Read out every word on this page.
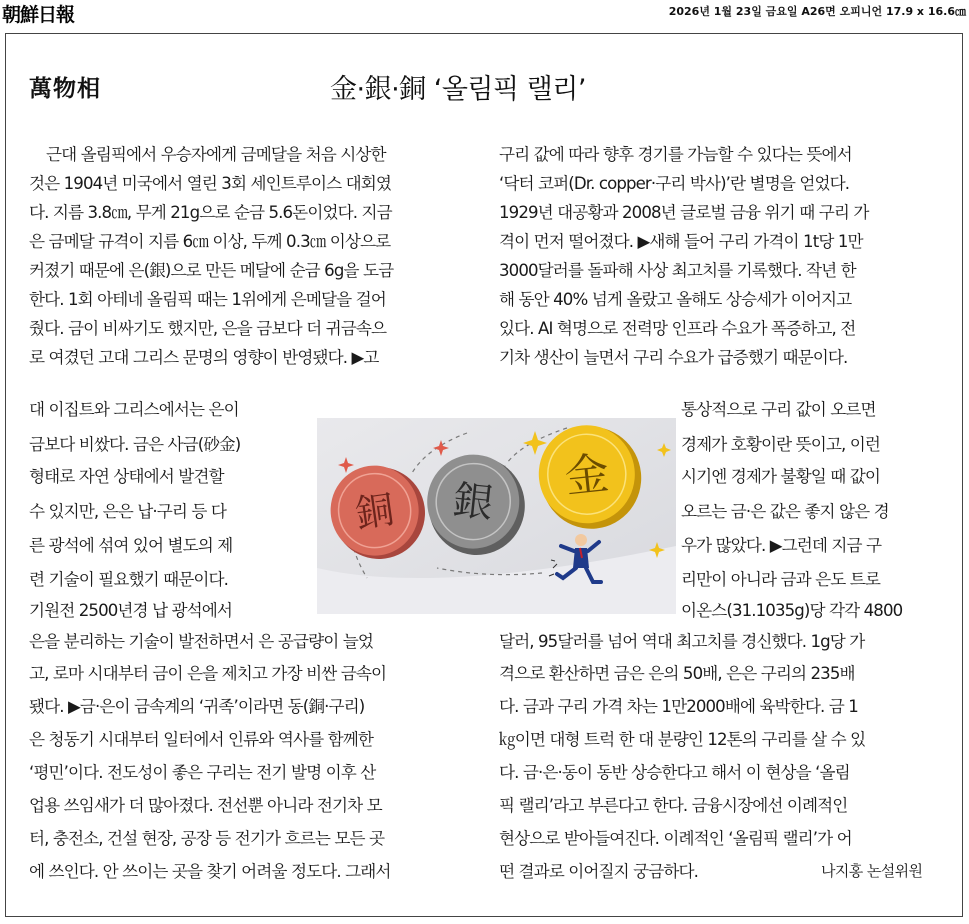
朝鮮日報	2026년 1월 23일 금요일 A26면 오피니언 17.9 x 16.6㎝
萬物相	金·銀·銅 ‘올림픽 랠리’
銅 銀 金

근대 올림픽에서 우승자에게 금메달을 처음 시상한

것은 1904년 미국에서 열린 3회 세인트루이스 대회였

다. 지름 3.8㎝, 무게 21g으로 순금 5.6돈이었다. 지금

은 금메달 규격이 지름 6㎝ 이상, 두께 0.3㎝ 이상으로

커졌기 때문에 은(銀)으로 만든 메달에 순금 6g을 도금

한다. 1회 아테네 올림픽 때는 1위에게 은메달을 걸어

줬다. 금이 비싸기도 했지만, 은을 금보다 더 귀금속으

로 여겼던 고대 그리스 문명의 영향이 반영됐다. ▶고

대 이집트와 그리스에서는 은이

금보다 비쌌다. 금은 사금(砂金)

형태로 자연 상태에서 발견할

수 있지만, 은은 납·구리 등 다

른 광석에 섞여 있어 별도의 제

련 기술이 필요했기 때문이다.

기원전 2500년경 납 광석에서

은을 분리하는 기술이 발전하면서 은 공급량이 늘었

고, 로마 시대부터 금이 은을 제치고 가장 비싼 금속이

됐다. ▶금·은이 금속계의 ‘귀족’이라면 동(銅·구리)

은 청동기 시대부터 일터에서 인류와 역사를 함께한

‘평민’이다. 전도성이 좋은 구리는 전기 발명 이후 산

업용 쓰임새가 더 많아졌다. 전선뿐 아니라 전기차 모

터, 충전소, 건설 현장, 공장 등 전기가 흐르는 모든 곳

에 쓰인다. 안 쓰이는 곳을 찾기 어려울 정도다. 그래서

구리 값에 따라 향후 경기를 가늠할 수 있다는 뜻에서

‘닥터 코퍼(Dr. copper·구리 박사)’란 별명을 얻었다.

1929년 대공황과 2008년 글로벌 금융 위기 때 구리 가

격이 먼저 떨어졌다. ▶새해 들어 구리 가격이 1t당 1만

3000달러를 돌파해 사상 최고치를 기록했다. 작년 한

해 동안 40% 넘게 올랐고 올해도 상승세가 이어지고

있다. AI 혁명으로 전력망 인프라 수요가 폭증하고, 전

기차 생산이 늘면서 구리 수요가 급증했기 때문이다.

통상적으로 구리 값이 오르면

경제가 호황이란 뜻이고, 이런

시기엔 경제가 불황일 때 값이

오르는 금·은 값은 좋지 않은 경

우가 많았다. ▶그런데 지금 구

리만이 아니라 금과 은도 트로

이온스(31.1035g)당 각각 4800

달러, 95달러를 넘어 역대 최고치를 경신했다. 1g당 가

격으로 환산하면 금은 은의 50배, 은은 구리의 235배

다. 금과 구리 가격 차는 1만2000배에 육박한다. 금 1

㎏이면 대형 트럭 한 대 분량인 12톤의 구리를 살 수 있

다. 금·은·동이 동반 상승한다고 해서 이 현상을 ‘올림

픽 랠리’라고 부른다고 한다. 금융시장에선 이례적인

현상으로 받아들여진다. 이례적인 ‘올림픽 랠리’가 어

떤 결과로 이어질지 궁금하다.	나지홍 논설위원
